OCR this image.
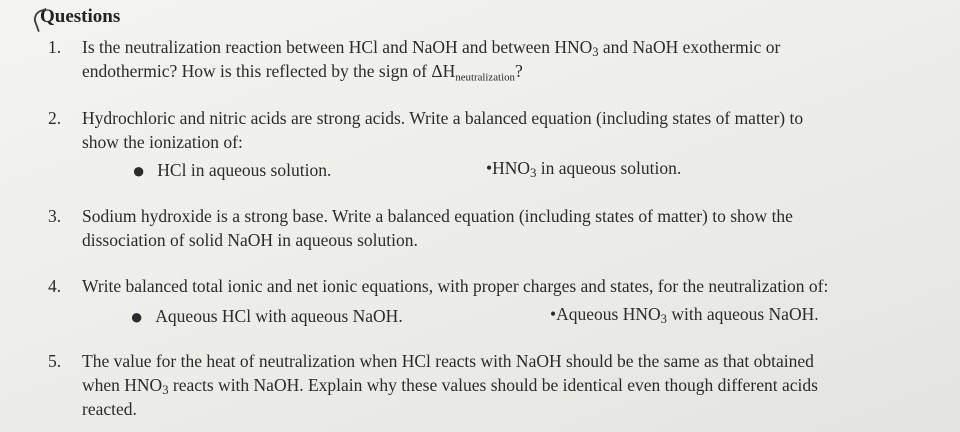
Questions
1.	Is the neutralization reaction between HCl and NaOH and between $HNO_3$ and NaOH exothermic or
endothermic? How is this reflected by the sign of $\Delta H_{neutralization}$?
2.	Hydrochloric and nitric acids are strong acids. Write a balanced equation (including states of matter) to
show the ionization of:
● HCl in aqueous solution.	$•HNO_3$ in aqueous solution.
3.	Sodium hydroxide is a strong base. Write a balanced equation (including states of matter) to show the
dissociation of solid NaOH in aqueous solution.
4.	Write balanced total ionic and net ionic equations, with proper charges and states, for the neutralization of:
● Aqueous HCl with aqueous NaOH.	•Aqueous $HNO_3$ with aqueous NaOH.
5.	The value for the heat of neutralization when HCl reacts with NaOH should be the same as that obtained
when $HNO_3$ reacts with NaOH. Explain why these values should be identical even though different acids
reacted.
